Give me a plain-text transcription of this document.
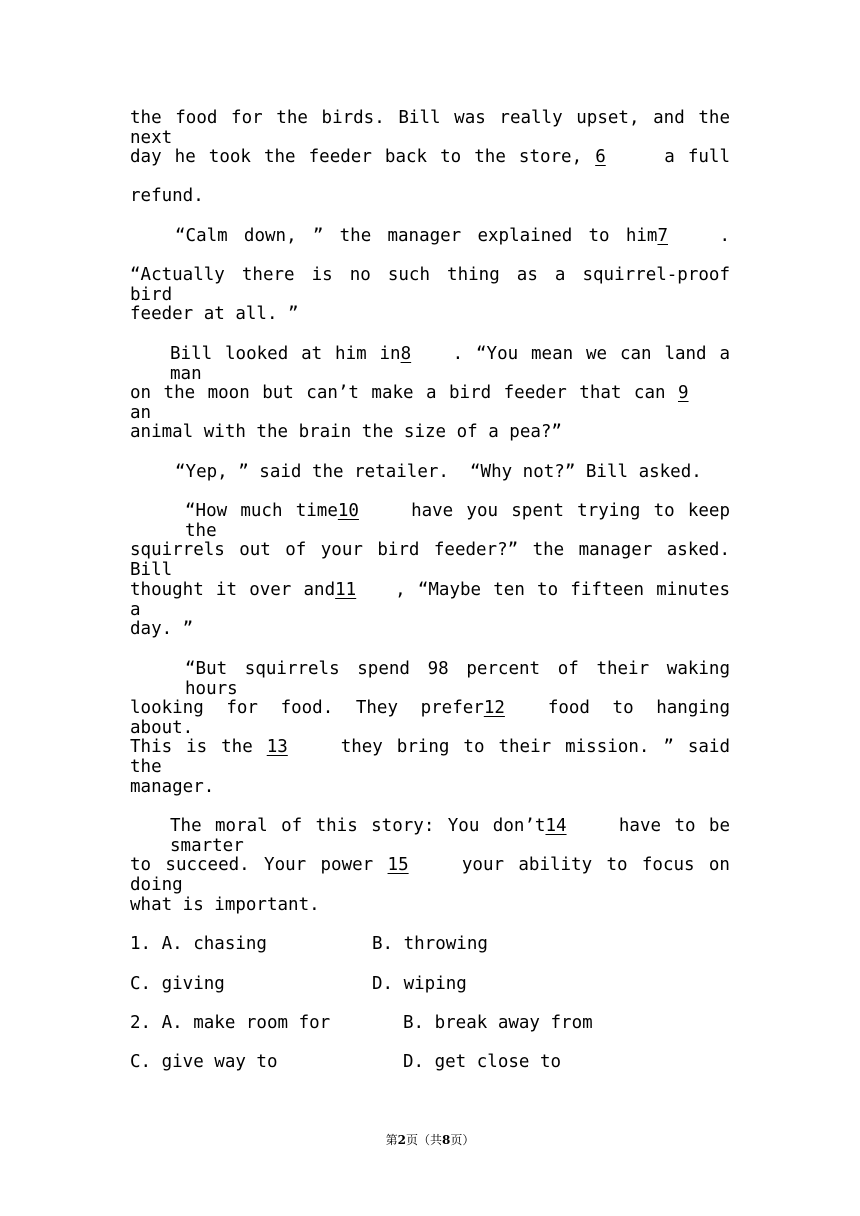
the food for the birds. Bill was really upset, and the next
day he took the feeder back to the store, 6	a full
refund.
“Calm down, ” the manager explained to him7	.
“Actually there is no such thing as a squirrel-proof bird
feeder at all. ”
Bill looked at him in8 . “You mean we can land a man
on the moon but can’t make a bird feeder that can 9 an
animal with the brain the size of a pea?”
“Yep, ” said the retailer.  “Why not?” Bill asked.
“How much time10	have you spent trying to keep the
squirrels out of your bird feeder?” the manager asked. Bill
thought it over and11 , “Maybe ten to fifteen minutes a
day. ”
“But squirrels spend 98 percent of their waking hours
looking for food. They prefer12 food to hanging about.
This is the 13	they bring to their mission. ” said the
manager.
The moral of this story: You don’t14	have to be smarter
to succeed. Your power 15	your ability to focus on doing
what is important.
1. A. chasing	B. throwing
C. giving	D. wiping
2. A. make room for	B. break away from
C. give way to	D. get close to
第2页（共8页）
